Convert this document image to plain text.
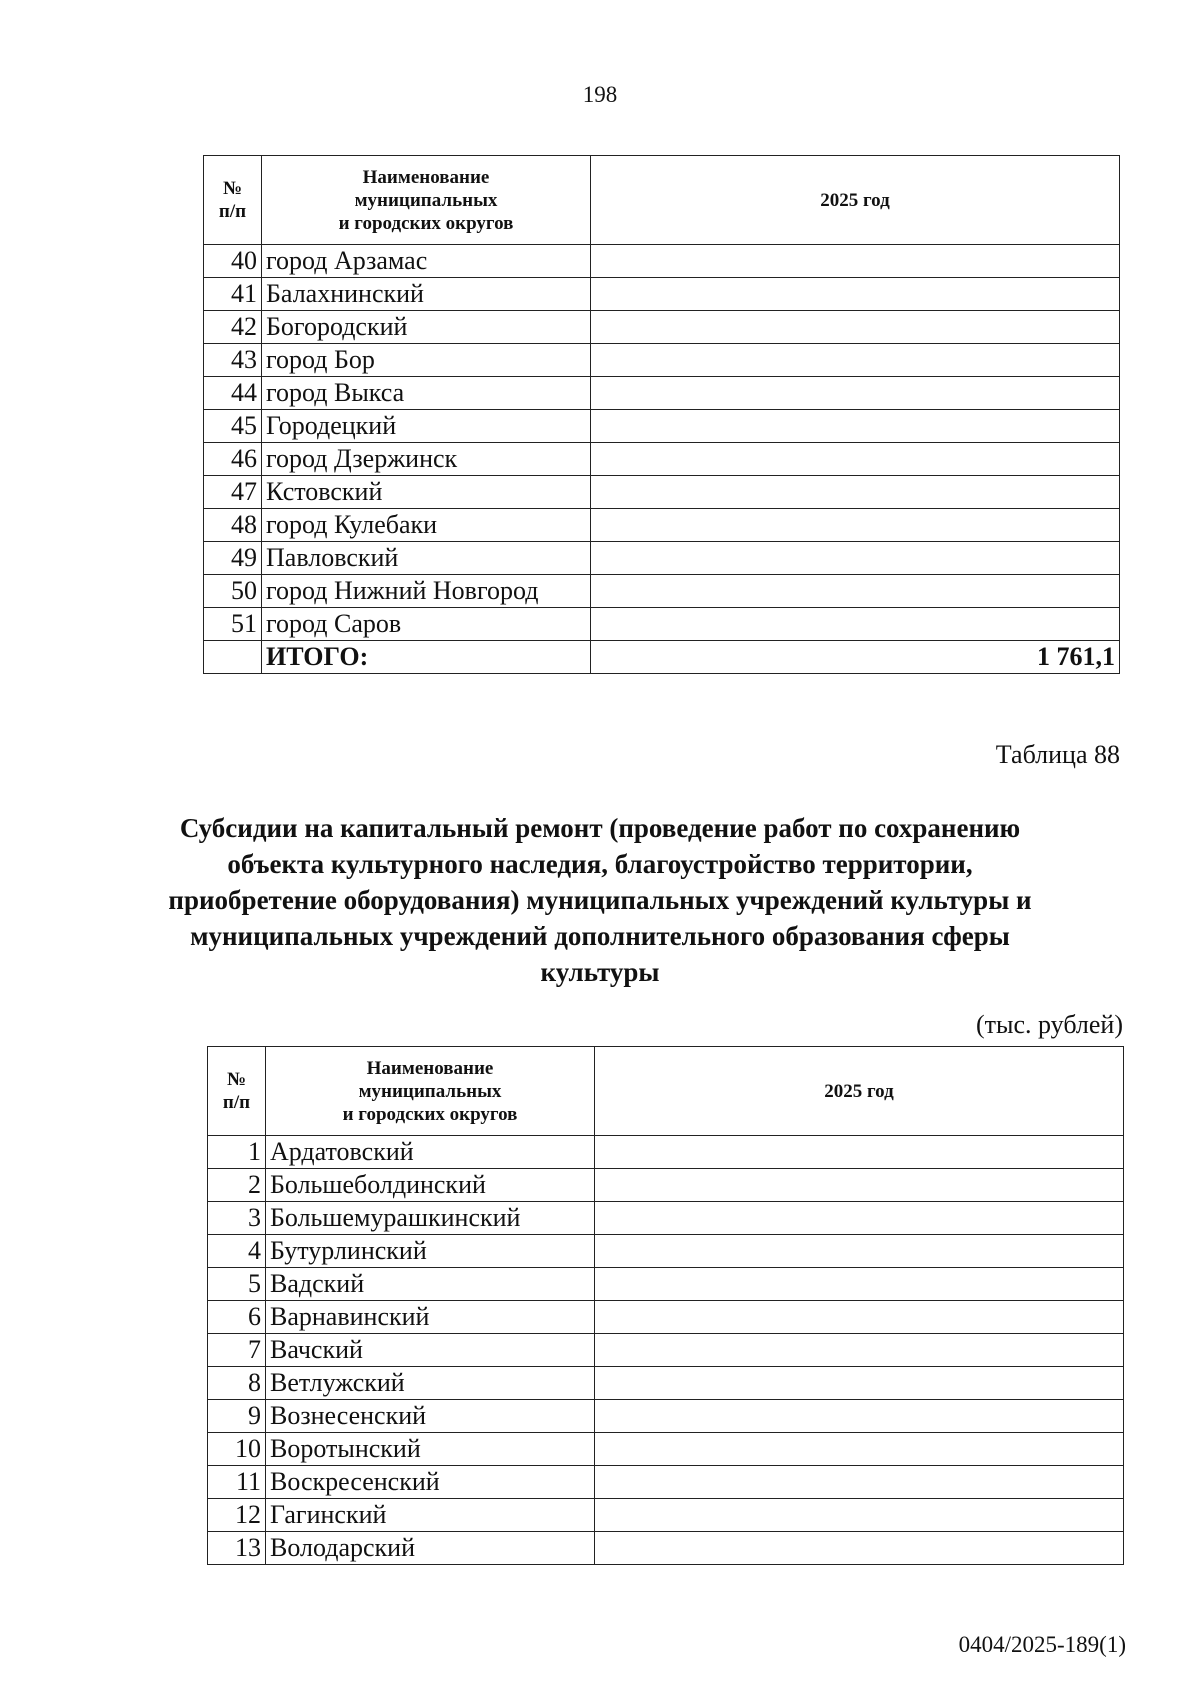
198
№
п/п	Наименование
муниципальных
и городских округов	2025 год
40	город Арзамас	
41	Балахнинский	
42	Богородский	
43	город Бор	
44	город Выкса	
45	Городецкий	
46	город Дзержинск	
47	Кстовский	
48	город Кулебаки	
49	Павловский	
50	город Нижний Новгород	
51	город Саров	
	ИТОГО:	1 761,1
Таблица 88
Субсидии на капитальный ремонт (проведение работ по сохранению объекта культурного наследия, благоустройство территории, приобретение оборудования) муниципальных учреждений культуры и муниципальных учреждений дополнительного образования сферы культуры
(тыс. рублей)
№
п/п	Наименование
муниципальных
и городских округов	2025 год
1	Ардатовский	
2	Большеболдинский	
3	Большемурашкинский	
4	Бутурлинский	
5	Вадский	
6	Варнавинский	
7	Вачский	
8	Ветлужский	
9	Вознесенский	
10	Воротынский	
11	Воскресенский	
12	Гагинский	
13	Володарский	
0404/2025-189(1)
